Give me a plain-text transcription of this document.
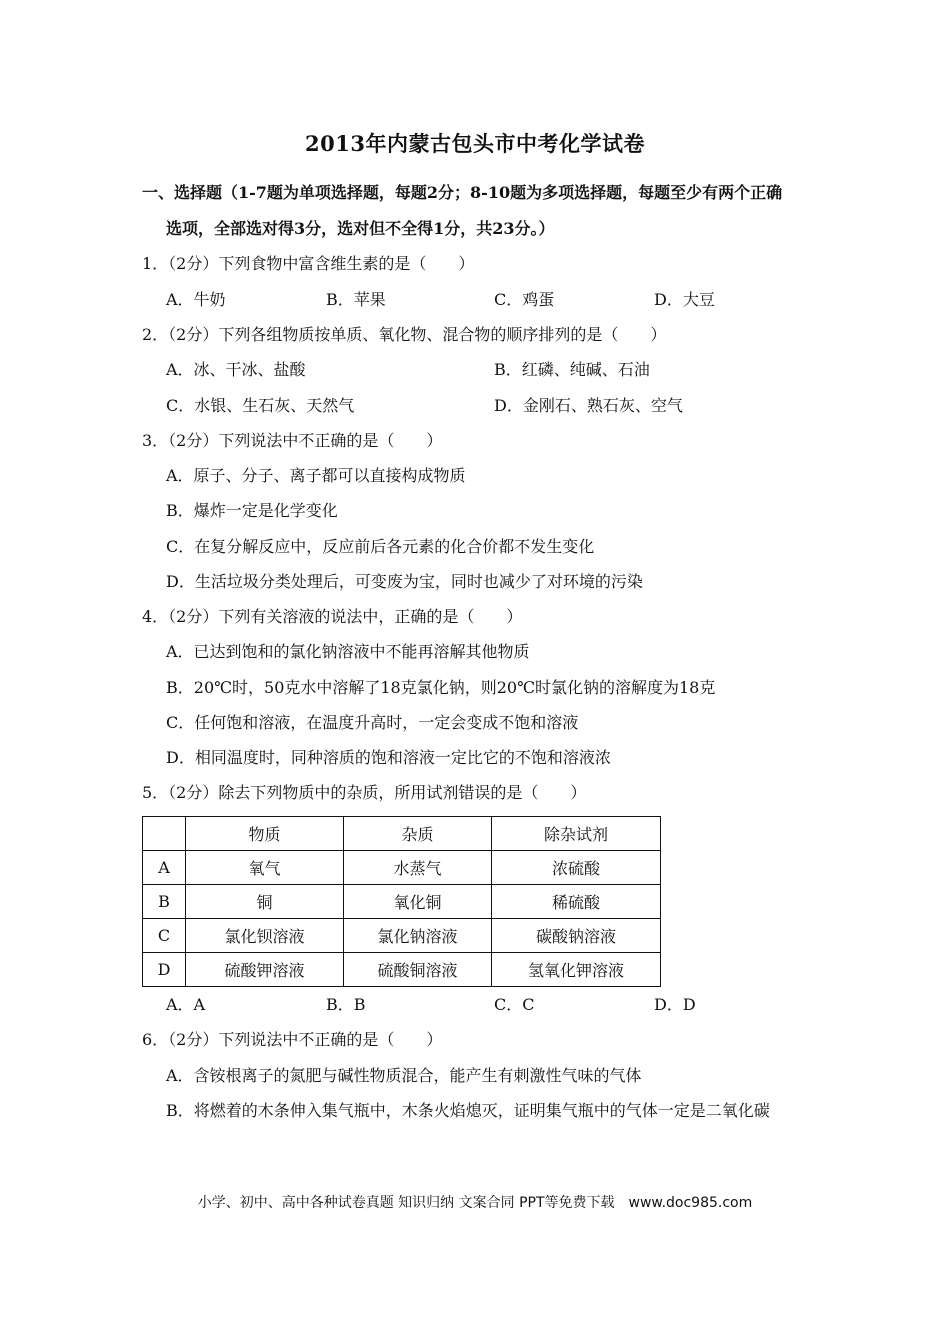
2013年内蒙古包头市中考化学试卷
一、选择题（1-7题为单项选择题，每题2分；8-10题为多项选择题，每题至少有两个正确
选项，全部选对得3分，选对但不全得1分，共23分。）
1．（2分）下列食物中富含维生素的是（　　）
A．牛奶	B．苹果	C．鸡蛋	D．大豆
2．（2分）下列各组物质按单质、氧化物、混合物的顺序排列的是（　　）
A．冰、干冰、盐酸	B．红磷、纯碱、石油
C．水银、生石灰、天然气	D．金刚石、熟石灰、空气
3．（2分）下列说法中不正确的是（　　）
A．原子、分子、离子都可以直接构成物质
B．爆炸一定是化学变化
C．在复分解反应中，反应前后各元素的化合价都不发生变化
D．生活垃圾分类处理后，可变废为宝，同时也减少了对环境的污染
4．（2分）下列有关溶液的说法中，正确的是（　　）
A．已达到饱和的氯化钠溶液中不能再溶解其他物质
B．20℃时，50克水中溶解了18克氯化钠，则20℃时氯化钠的溶解度为18克
C．任何饱和溶液，在温度升高时，一定会变成不饱和溶液
D．相同温度时，同种溶质的饱和溶液一定比它的不饱和溶液浓
5．（2分）除去下列物质中的杂质，所用试剂错误的是（　　）
	物质	杂质	除杂试剂
A	氧气	水蒸气	浓硫酸
B	铜	氧化铜	稀硫酸
C	氯化钡溶液	氯化钠溶液	碳酸钠溶液
D	硫酸钾溶液	硫酸铜溶液	氢氧化钾溶液
A．A	B．B	C．C	D．D
6．（2分）下列说法中不正确的是（　　）
A．含铵根离子的氮肥与碱性物质混合，能产生有刺激性气味的气体
B．将燃着的木条伸入集气瓶中，木条火焰熄灭，证明集气瓶中的气体一定是二氧化碳
小学、初中、高中各种试卷真题 知识归纳 文案合同 PPT等免费下载　www.doc985.com
